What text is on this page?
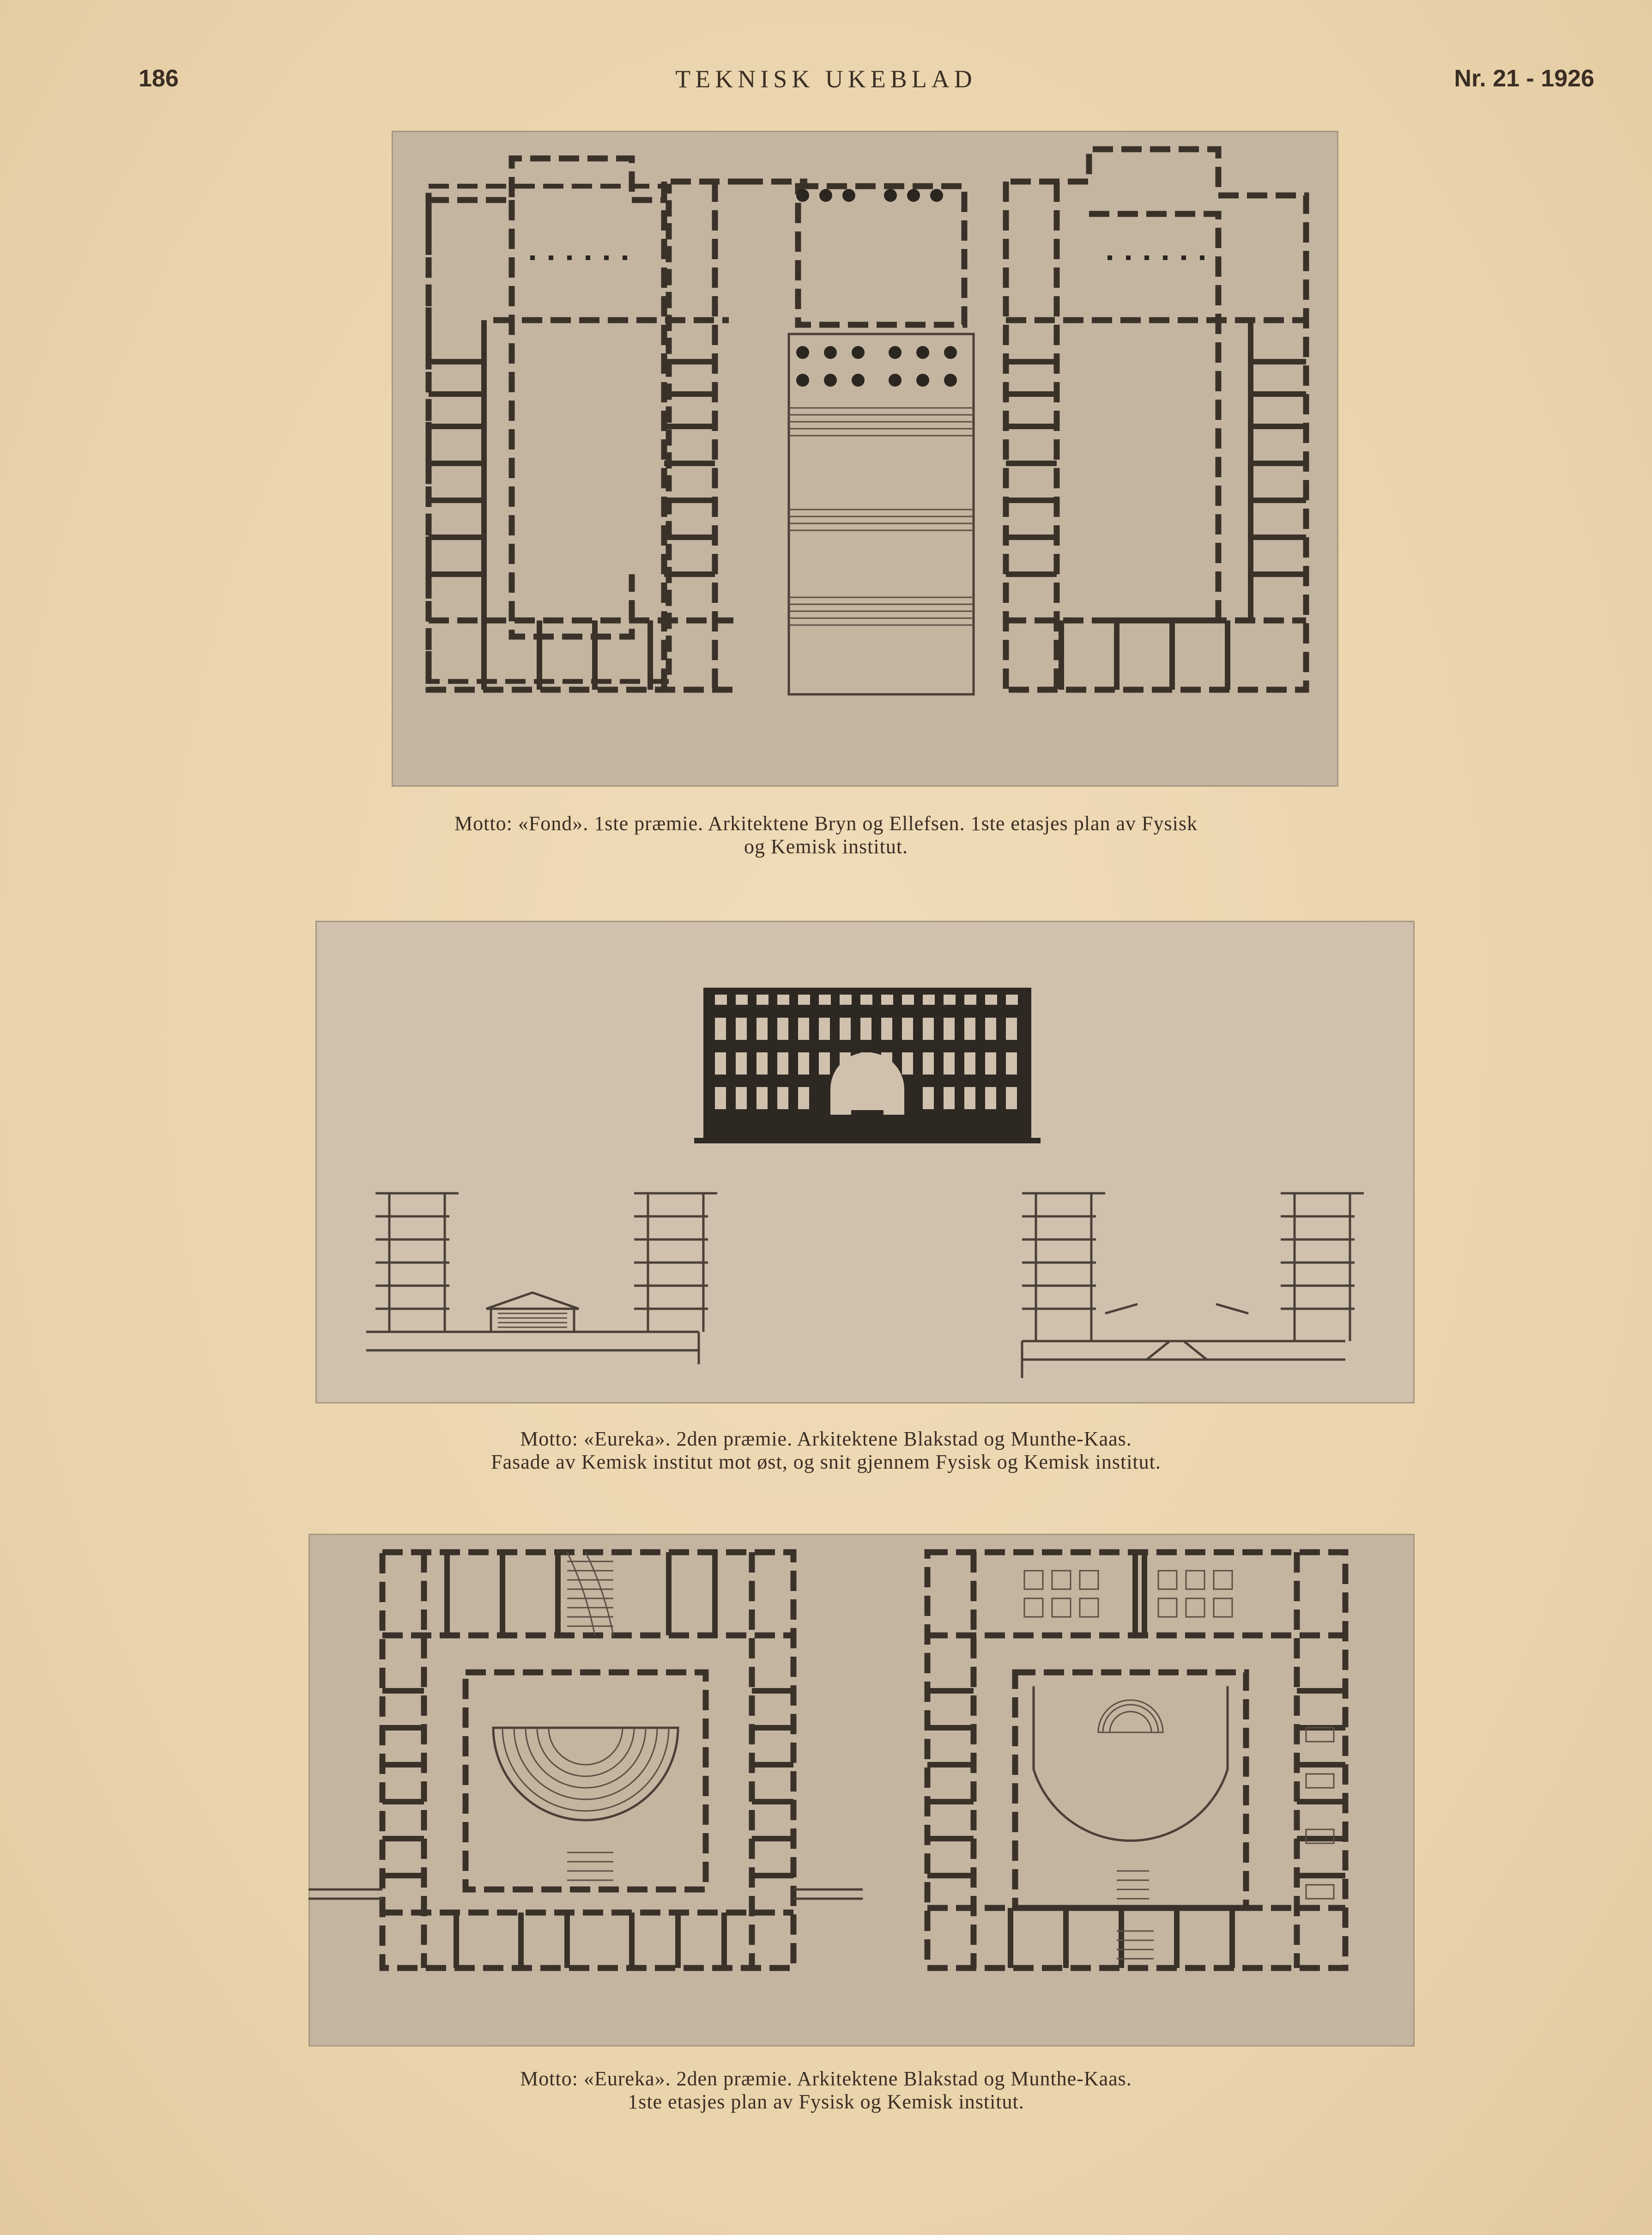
TEKNISK UKEBLAD
186	Nr. 21 - 1926
Motto: «Fond». 1ste præmie. Arkitektene Bryn og Ellefsen. 1ste etasjes plan av Fysisk
og Kemisk institut.
Motto: «Eureka». 2den præmie. Arkitektene Blakstad og Munthe-Kaas.
Fasade av Kemisk institut mot øst, og snit gjennem Fysisk og Kemisk institut.
Motto: «Eureka». 2den præmie. Arkitektene Blakstad og Munthe-Kaas.
1ste etasjes plan av Fysisk og Kemisk institut.
